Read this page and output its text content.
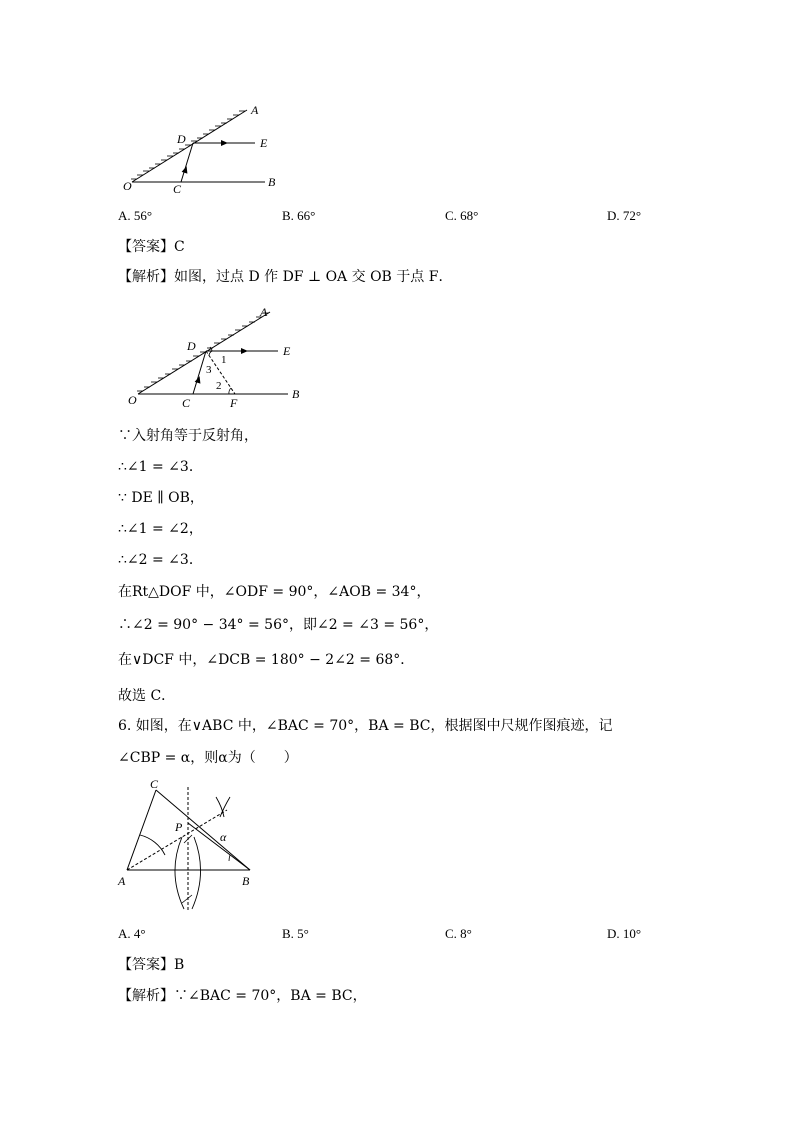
A
D	E
O	C	B
A. 56°	B. 66°	C. 68°	D. 72°
【答案】C
【解析】如图，过点 D 作 DF ⊥ OA 交 OB 于点 F．
A
D	E
O	C	F
B
1
2
3
∵入射角等于反射角，
∴∠1 = ∠3．
∵ DE ∥ OB，
∴∠1 = ∠2，
∴∠2 = ∠3．
在Rt△DOF 中，∠ODF = 90°，∠AOB = 34°，
∴∠2 = 90° − 34° = 56°，即∠2 = ∠3 = 56°，
在∨DCF 中，∠DCB = 180° − 2∠2 = 68°．
故选 C．
6. 如图，在∨ABC 中，∠BAC = 70°，BA = BC，根据图中尺规作图痕迹，记
∠CBP = α，则α为（　　）
C
P
α
A	B
A. 4°	B. 5°	C. 8°	D. 10°
【答案】B
【解析】∵∠BAC = 70°，BA = BC，
